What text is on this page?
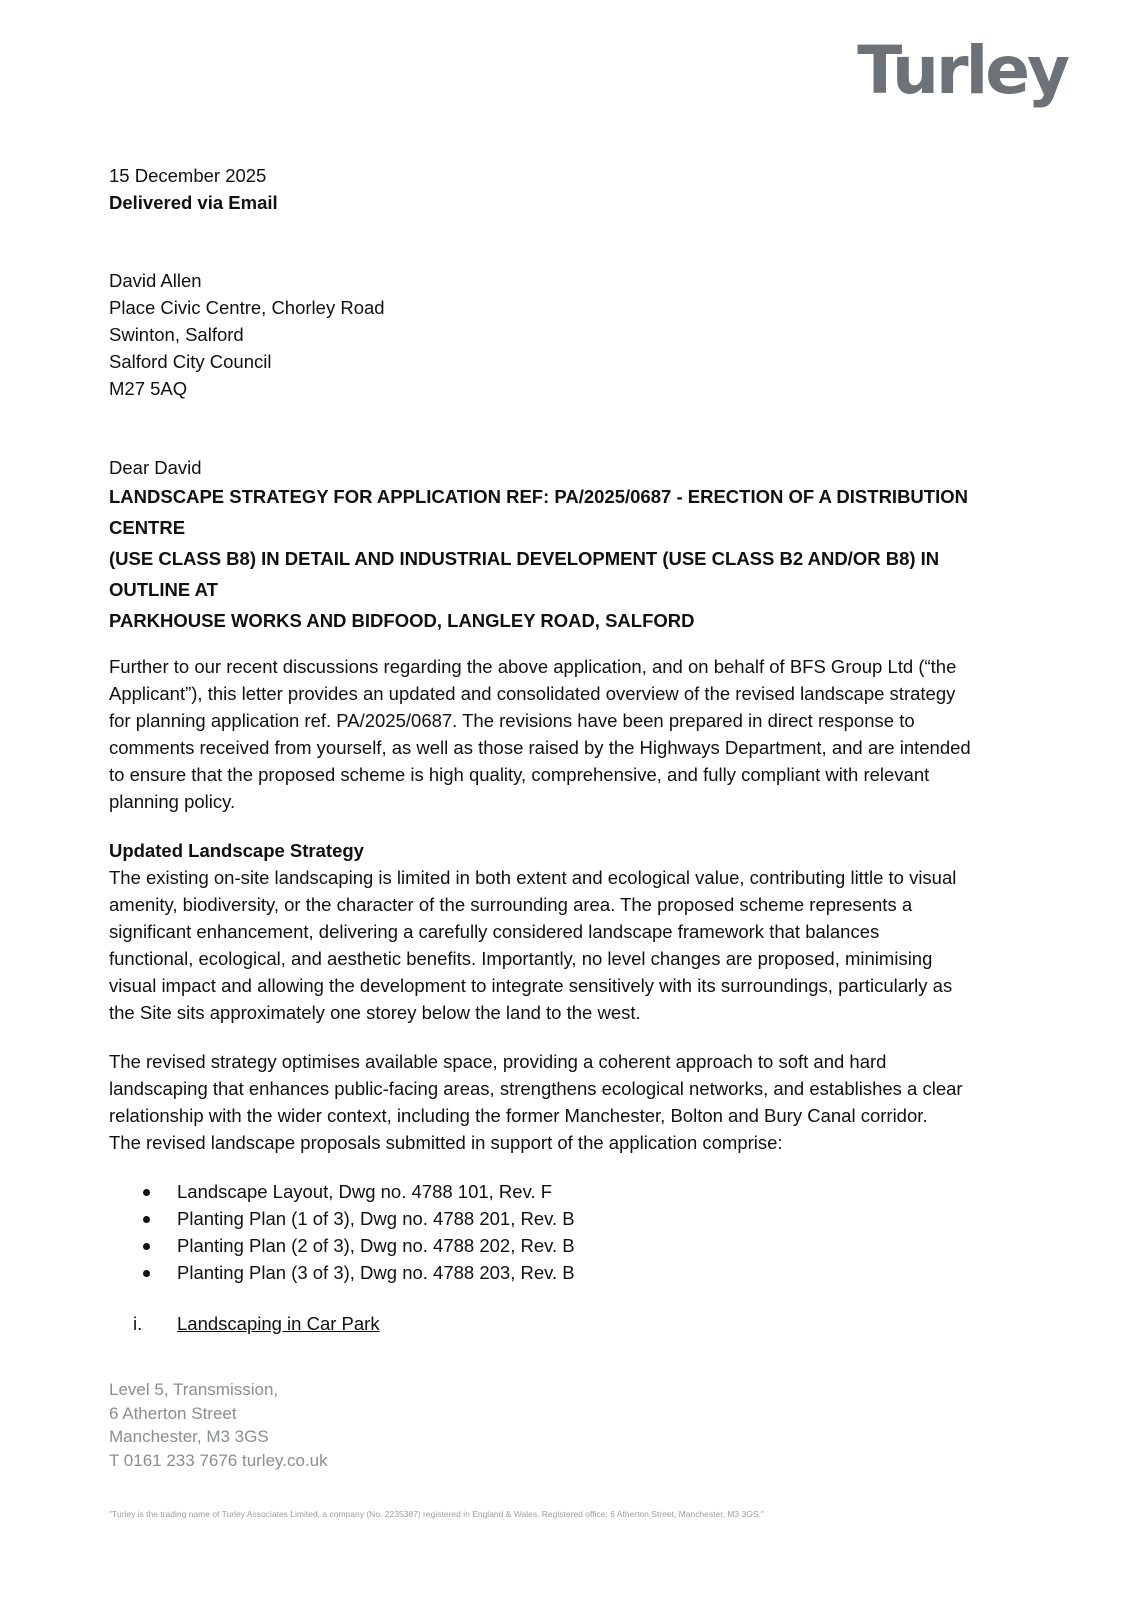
Turley

15 December 2025

Delivered via Email

David Allen

Place Civic Centre, Chorley Road

Swinton, Salford

Salford City Council

M27 5AQ

Dear David

LANDSCAPE STRATEGY FOR APPLICATION REF: PA/2025/0687 - ERECTION OF A DISTRIBUTION CENTRE

(USE CLASS B8) IN DETAIL AND INDUSTRIAL DEVELOPMENT (USE CLASS B2 AND/OR B8) IN OUTLINE AT

PARKHOUSE WORKS AND BIDFOOD, LANGLEY ROAD, SALFORD

Further to our recent discussions regarding the above application, and on behalf of BFS Group Ltd (“the

Applicant”), this letter provides an updated and consolidated overview of the revised landscape strategy

for planning application ref. PA/2025/0687. The revisions have been prepared in direct response to

comments received from yourself, as well as those raised by the Highways Department, and are intended

to ensure that the proposed scheme is high quality, comprehensive, and fully compliant with relevant

planning policy.

Updated Landscape Strategy

The existing on-site landscaping is limited in both extent and ecological value, contributing little to visual

amenity, biodiversity, or the character of the surrounding area. The proposed scheme represents a

significant enhancement, delivering a carefully considered landscape framework that balances

functional, ecological, and aesthetic benefits. Importantly, no level changes are proposed, minimising

visual impact and allowing the development to integrate sensitively with its surroundings, particularly as

the Site sits approximately one storey below the land to the west.

The revised strategy optimises available space, providing a coherent approach to soft and hard

landscaping that enhances public-facing areas, strengthens ecological networks, and establishes a clear

relationship with the wider context, including the former Manchester, Bolton and Bury Canal corridor.

The revised landscape proposals submitted in support of the application comprise:

Landscape Layout, Dwg no. 4788 101, Rev. F
Planting Plan (1 of 3), Dwg no. 4788 201, Rev. B
Planting Plan (2 of 3), Dwg no. 4788 202, Rev. B
Planting Plan (3 of 3), Dwg no. 4788 203, Rev. B
i. Landscaping in Car Park

Level 5, Transmission,

6 Atherton Street

Manchester, M3 3GS

T 0161 233 7676 turley.co.uk

"Turley is the trading name of Turley Associates Limited, a company (No. 2235387) registered in England & Wales. Registered office: 6 Atherton Street, Manchester, M3 3GS."
